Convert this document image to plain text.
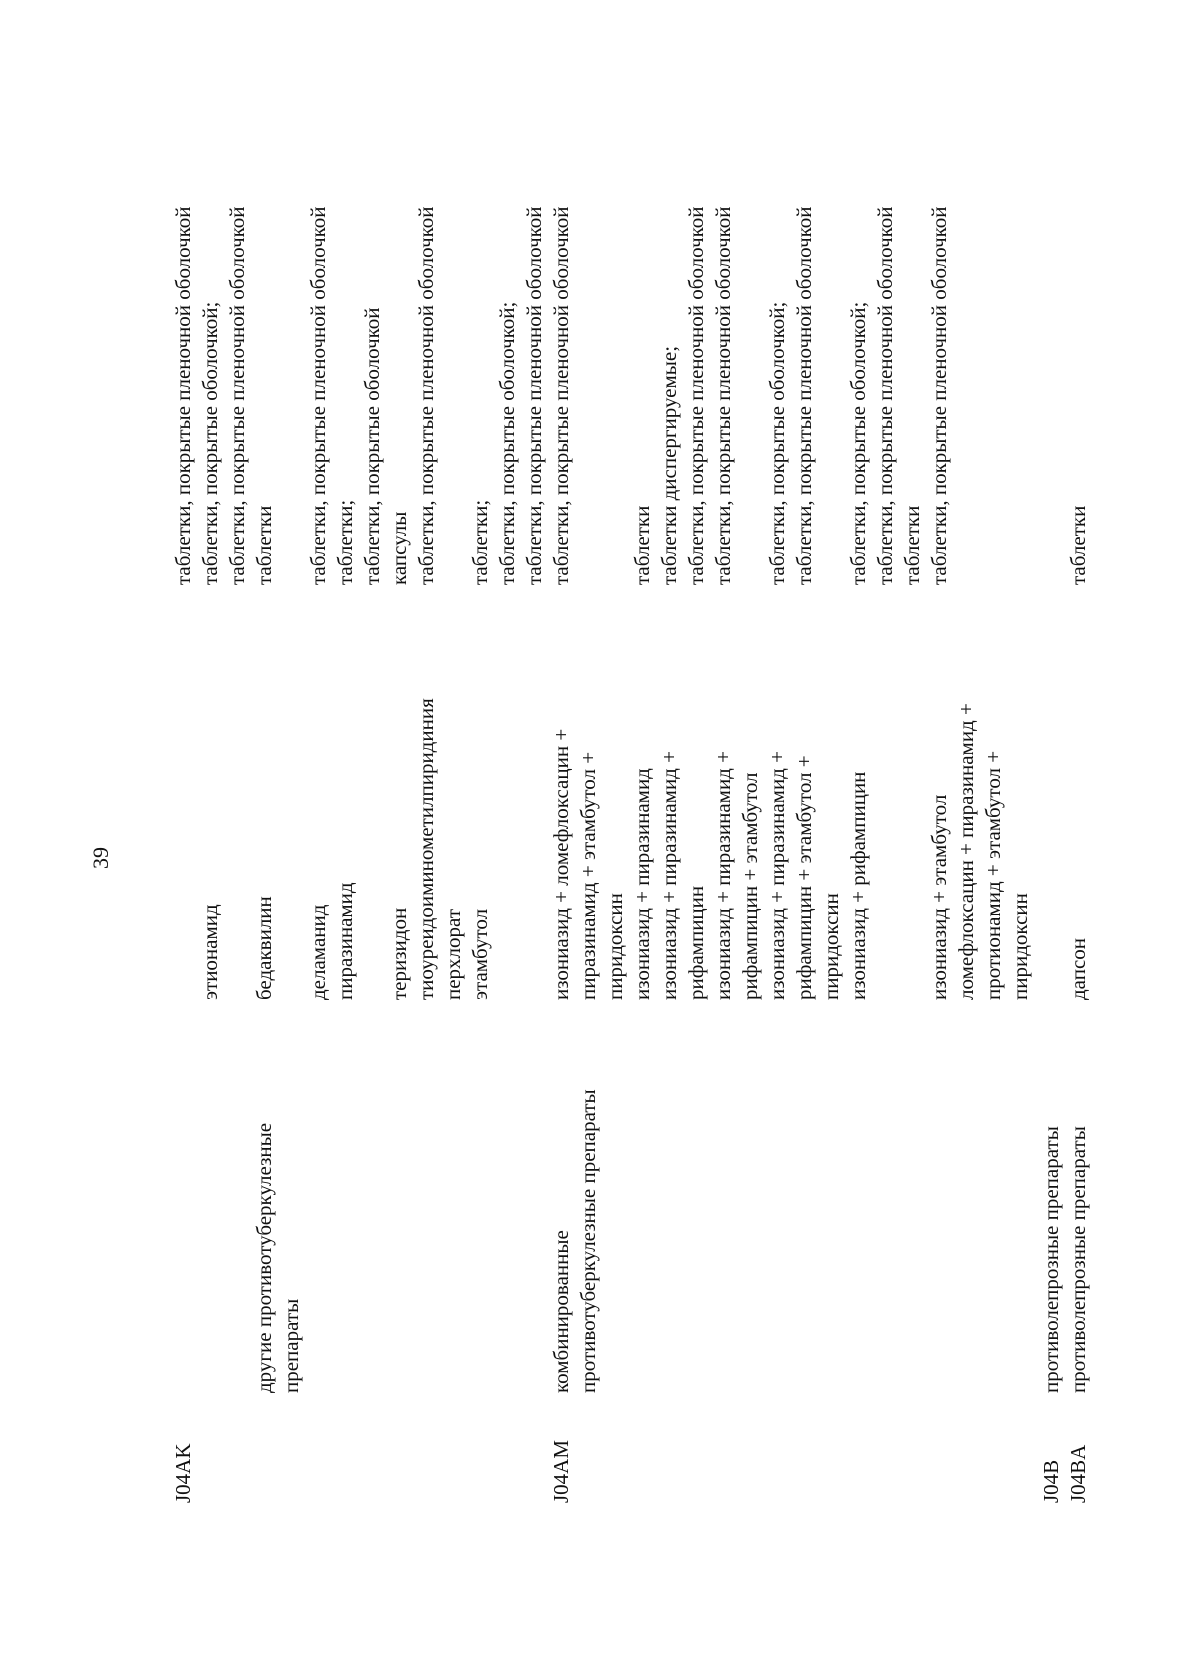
39
J04AK
другие противотуберкулезные препараты
этионамид бедаквилин деламанид пиразинамид теризидон тиоуреидоиминометилпиридиния перхлорат этамбутол
таблетки, покрытые пленочной оболочкой таблетки, покрытые оболочкой; таблетки, покрытые пленочной оболочкой таблетки таблетки, покрытые пленочной оболочкой таблетки; таблетки, покрытые оболочкой капсулы таблетки, покрытые пленочной оболочкой таблетки; таблетки, покрытые оболочкой; таблетки, покрытые пленочной оболочкой
J04AM
комбинированные противотуберкулезные препараты
изониазид + ломефлоксацин + пиразинамид + этамбутол + пиридоксин изониазид + пиразинамид изониазид + пиразинамид + рифампицин изониазид + пиразинамид + рифампицин + этамбутол изониазид + пиразинамид + рифампицин + этамбутол + пиридоксин изониазид + рифампицин	изониазид + этамбутол ломефлоксацин + пиразинамид + протионамид + этамбутол + пиридоксин
таблетки, покрытые пленочной оболочкой	таблетки таблетки диспергируемые; таблетки, покрытые пленочной оболочкой таблетки, покрытые пленочной оболочкой таблетки, покрытые оболочкой; таблетки, покрытые пленочной оболочкой таблетки, покрытые оболочкой; таблетки, покрытые пленочной оболочкой таблетки таблетки, покрытые пленочной оболочкой
J04B
противолепрозные препараты
J04BA
противолепрозные препараты
дапсон
таблетки
